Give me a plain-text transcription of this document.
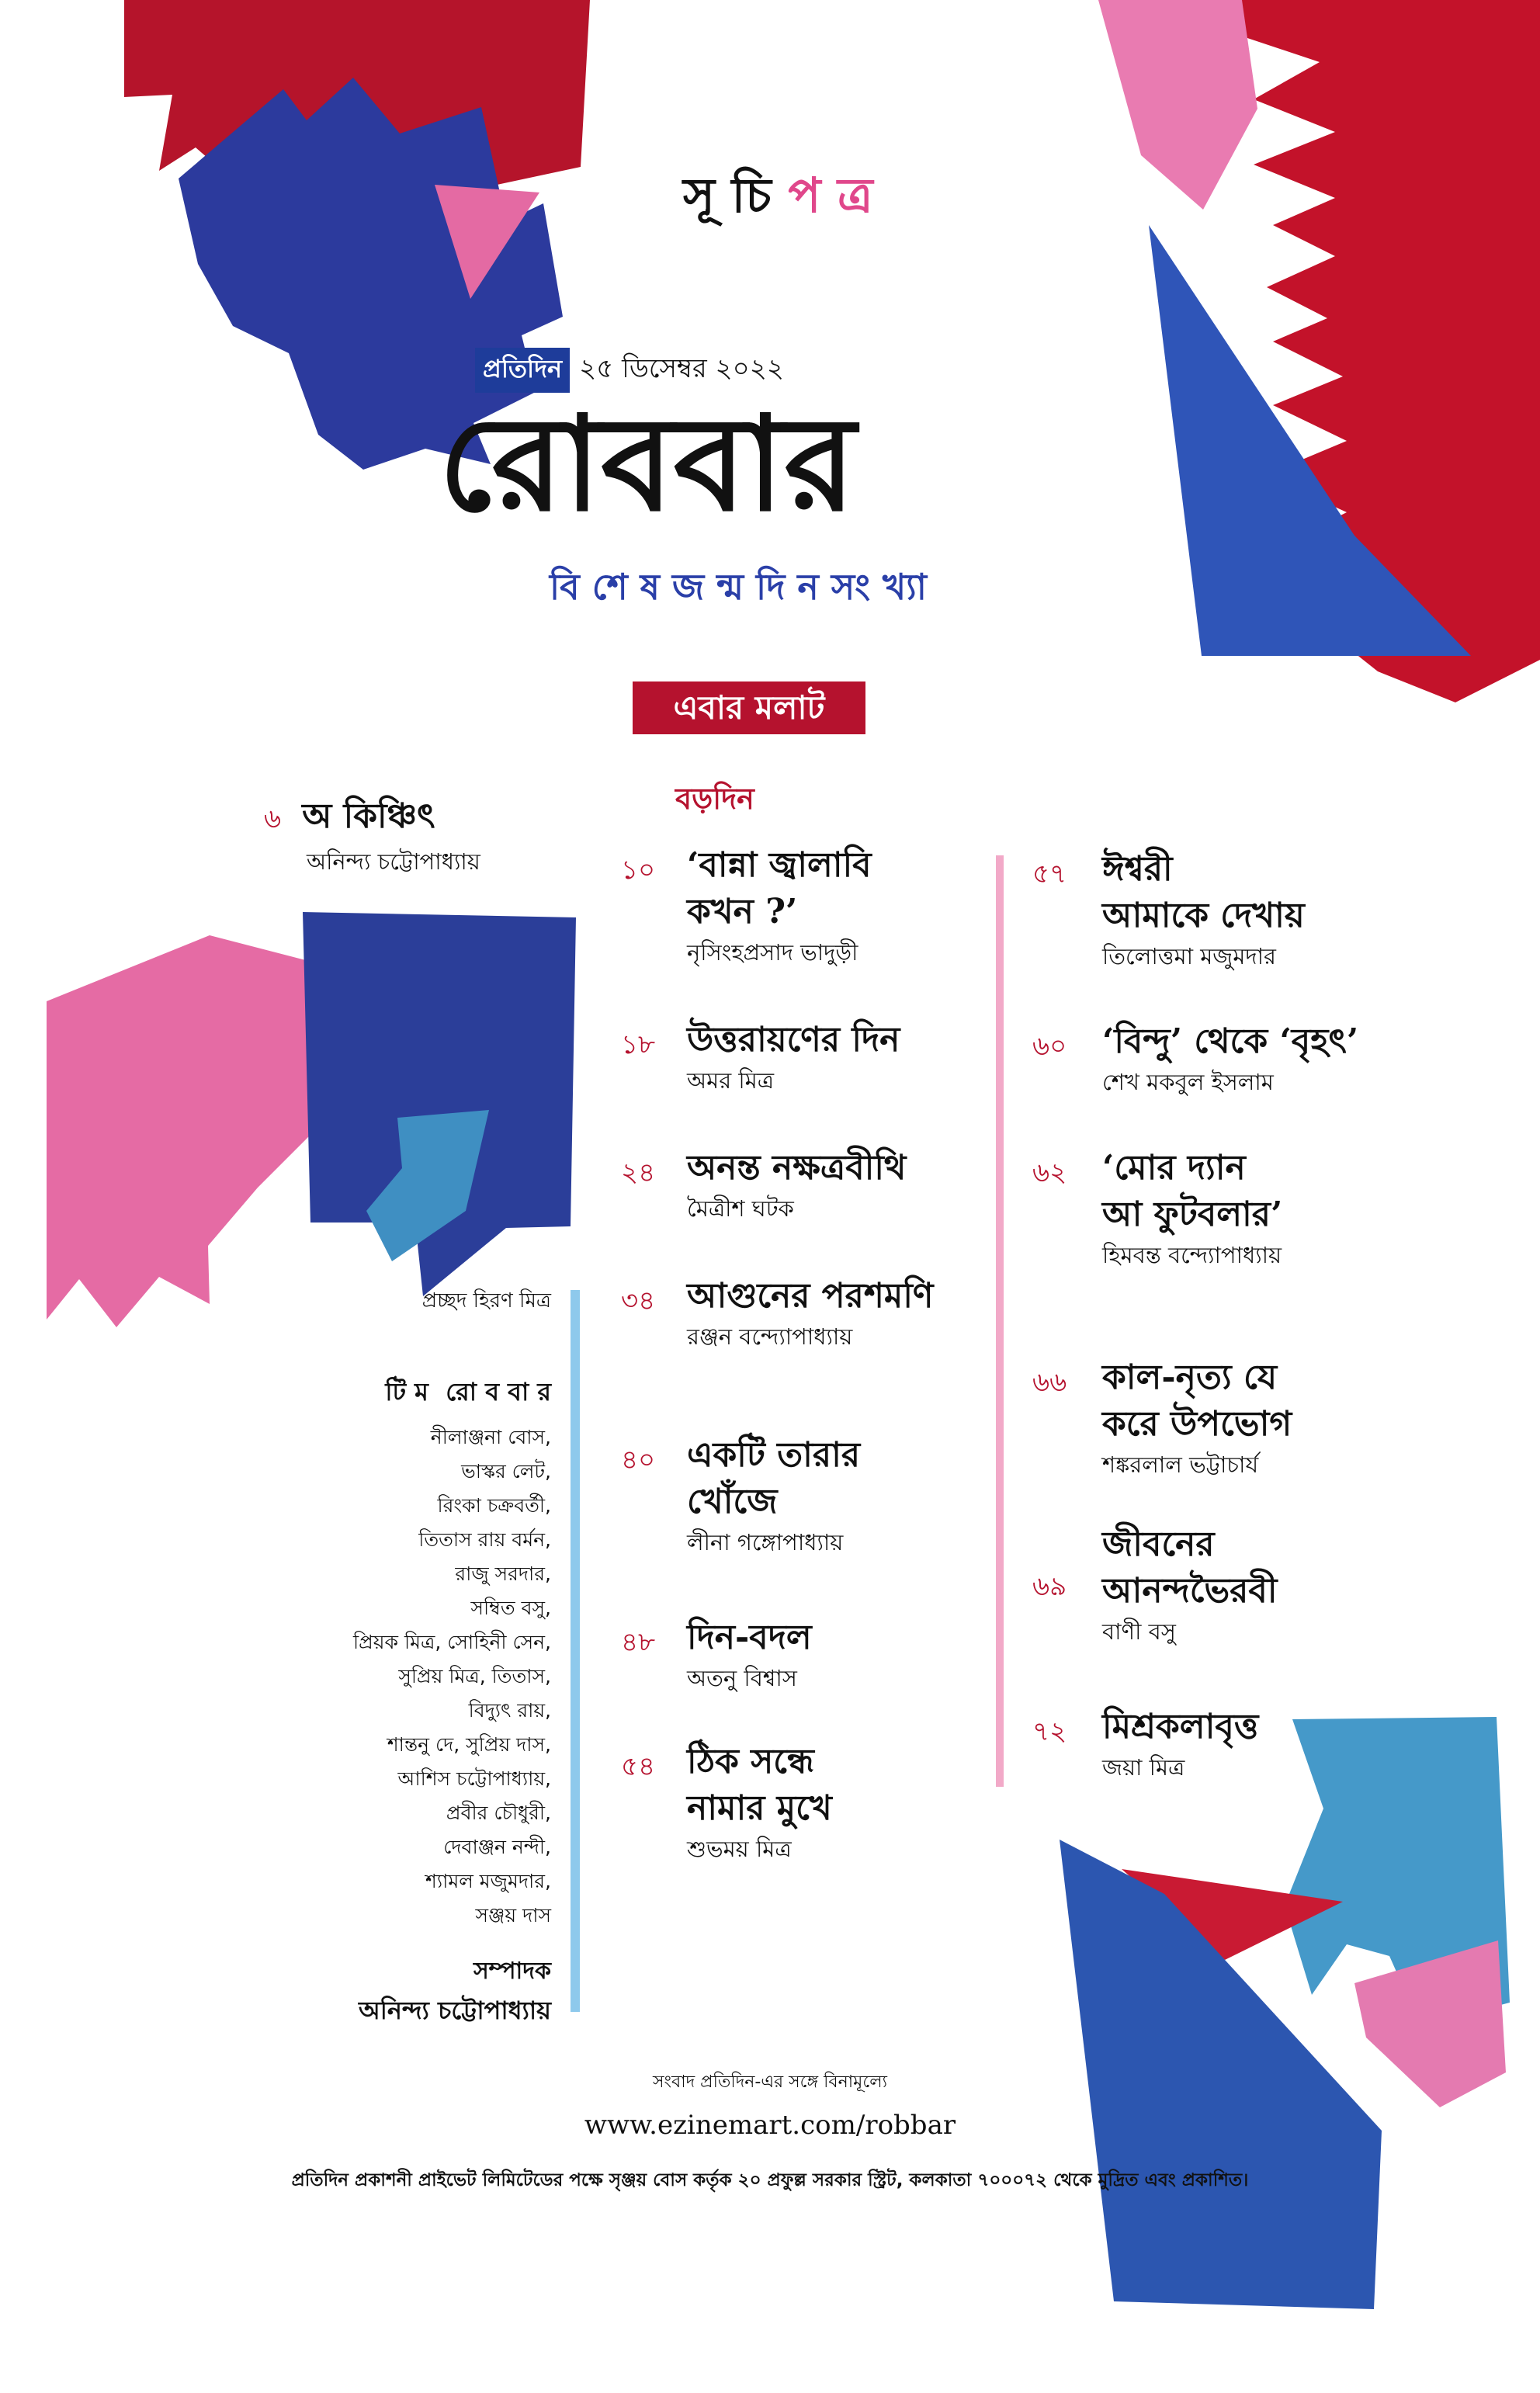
সূ চি প ত্র
প্রতিদিন ২৫ ডিসেম্বর ২০২২
রোববার
বি শে ষ জ ন্ম দি ন সং খ্যা
এবার মলাট
৬ অ কিঞ্চিৎ
অনিন্দ্য চট্টোপাধ্যায়
বড়দিন
১০ ‘বান্না জ্বালাবি
কখন ?’
নৃসিংহপ্রসাদ ভাদুড়ী
১৮ উত্তরায়ণের দিন
অমর মিত্র
২৪ অনন্ত নক্ষত্রবীথি
মৈত্রীশ ঘটক
৩৪ আগুনের পরশমণি
রঞ্জন বন্দ্যোপাধ্যায়
৪০ একটি তারার
খোঁজে
লীনা গঙ্গোপাধ্যায়
৪৮ দিন-বদল
অতনু বিশ্বাস
৫৪ ঠিক সন্ধে
নামার মুখে
শুভময় মিত্র
৫৭ ঈশ্বরী
আমাকে দেখায়
তিলোত্তমা মজুমদার
৬০ ‘বিন্দু’ থেকে ‘বৃহৎ’
শেখ মকবুল ইসলাম
৬২ ‘মোর দ্যান
আ ফুটবলার’
হিমবন্ত বন্দ্যোপাধ্যায়
৬৬ কাল-নৃত্য যে
করে উপভোগ
শঙ্করলাল ভট্টাচার্য
৬৯
জীবনের
আনন্দভৈরবী
বাণী বসু
৭২ মিশ্রকলাবৃত্ত
জয়া মিত্র
প্রচ্ছদ হিরণ মিত্র
টি ম  রো ব বা র
নীলাঞ্জনা বোস,
ভাস্কর লেট,
রিংকা চক্রবর্তী,
তিতাস রায় বর্মন,
রাজু সরদার,
সম্বিত বসু,
প্রিয়ক মিত্র, সোহিনী সেন,
সুপ্রিয় মিত্র, তিতাস,
বিদ্যুৎ রায়,
শান্তনু দে, সুপ্রিয় দাস,
আশিস চট্টোপাধ্যায়,
প্রবীর চৌধুরী,
দেবাঞ্জন নন্দী,
শ্যামল মজুমদার,
সঞ্জয় দাস
সম্পাদক
অনিন্দ্য চট্টোপাধ্যায়
সংবাদ প্রতিদিন-এর সঙ্গে বিনামূল্যে
www.ezinemart.com/robbar
প্রতিদিন প্রকাশনী প্রাইভেট লিমিটেডের পক্ষে সৃঞ্জয় বোস কর্তৃক ২০ প্রফুল্ল সরকার স্ট্রিট, কলকাতা ৭০০০৭২ থেকে মুদ্রিত এবং প্রকাশিত।
